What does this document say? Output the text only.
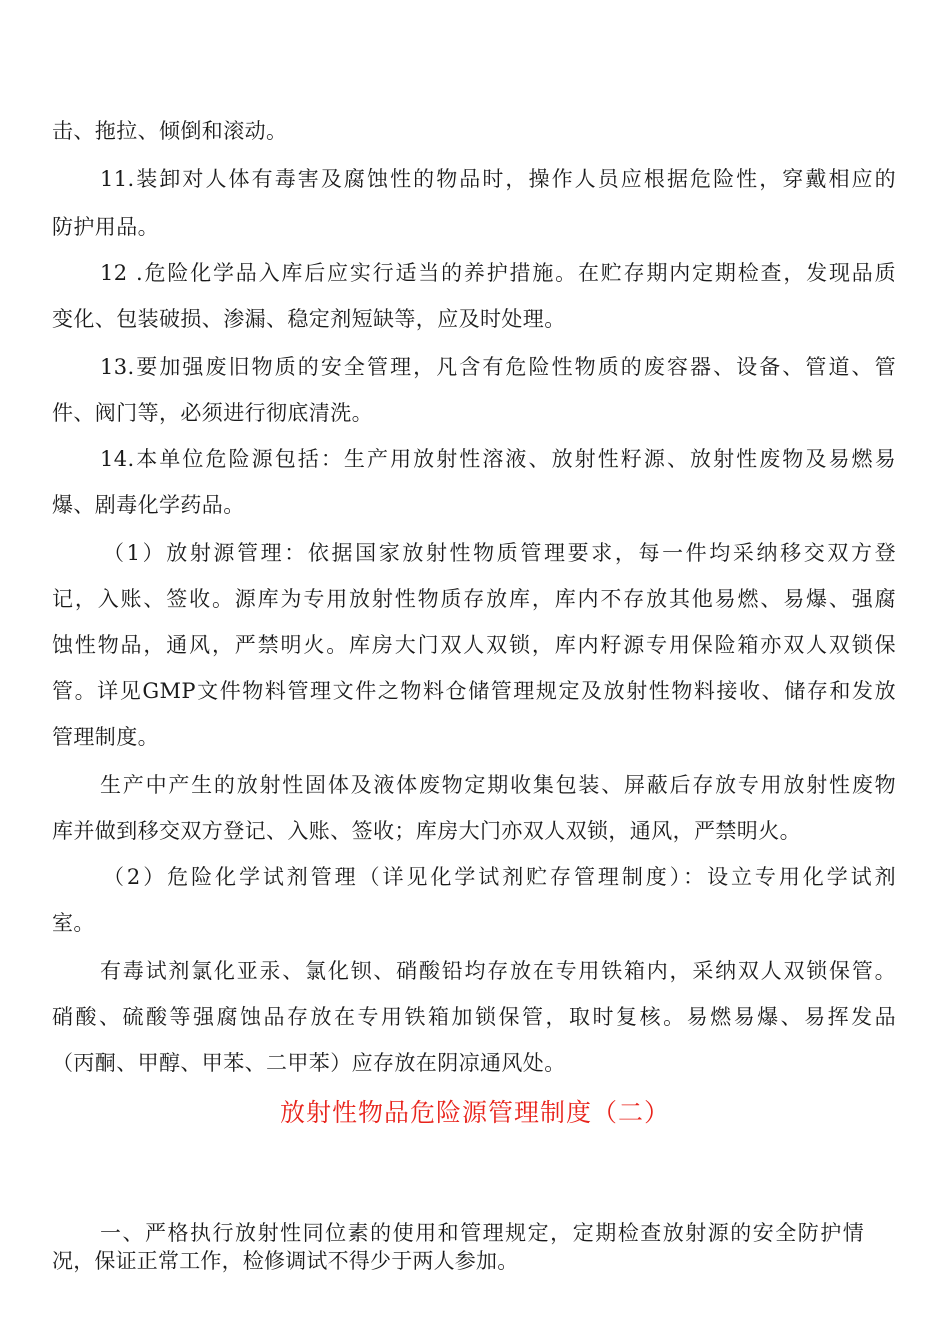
击、拖拉、倾倒和滚动。
11.装卸对人体有毒害及腐蚀性的物品时，操作人员应根据危险性，穿戴相应的
防护用品。
12 .危险化学品入库后应实行适当的养护措施。在贮存期内定期检查，发现品质
变化、包装破损、渗漏、稳定剂短缺等，应及时处理。
13.要加强废旧物质的安全管理，凡含有危险性物质的废容器、设备、管道、管
件、阀门等，必须进行彻底清洗。
14.本单位危险源包括：生产用放射性溶液、放射性籽源、放射性废物及易燃易
爆、剧毒化学药品。
（1）放射源管理：依据国家放射性物质管理要求，每一件均采纳移交双方登
记，入账、签收。源库为专用放射性物质存放库，库内不存放其他易燃、易爆、强腐
蚀性物品，通风，严禁明火。库房大门双人双锁，库内籽源专用保险箱亦双人双锁保
管。详见GMP文件物料管理文件之物料仓储管理规定及放射性物料接收、储存和发放
管理制度。
生产中产生的放射性固体及液体废物定期收集包装、屏蔽后存放专用放射性废物
库并做到移交双方登记、入账、签收；库房大门亦双人双锁，通风，严禁明火。
（2）危险化学试剂管理（详见化学试剂贮存管理制度）：设立专用化学试剂
室。
有毒试剂氯化亚汞、氯化钡、硝酸铅均存放在专用铁箱内，采纳双人双锁保管。
硝酸、硫酸等强腐蚀品存放在专用铁箱加锁保管，取时复核。易燃易爆、易挥发品
（丙酮、甲醇、甲苯、二甲苯）应存放在阴凉通风处。
放射性物品危险源管理制度（二）
一、严格执行放射性同位素的使用和管理规定，定期检查放射源的安全防护情
况，保证正常工作，检修调试不得少于两人参加。
